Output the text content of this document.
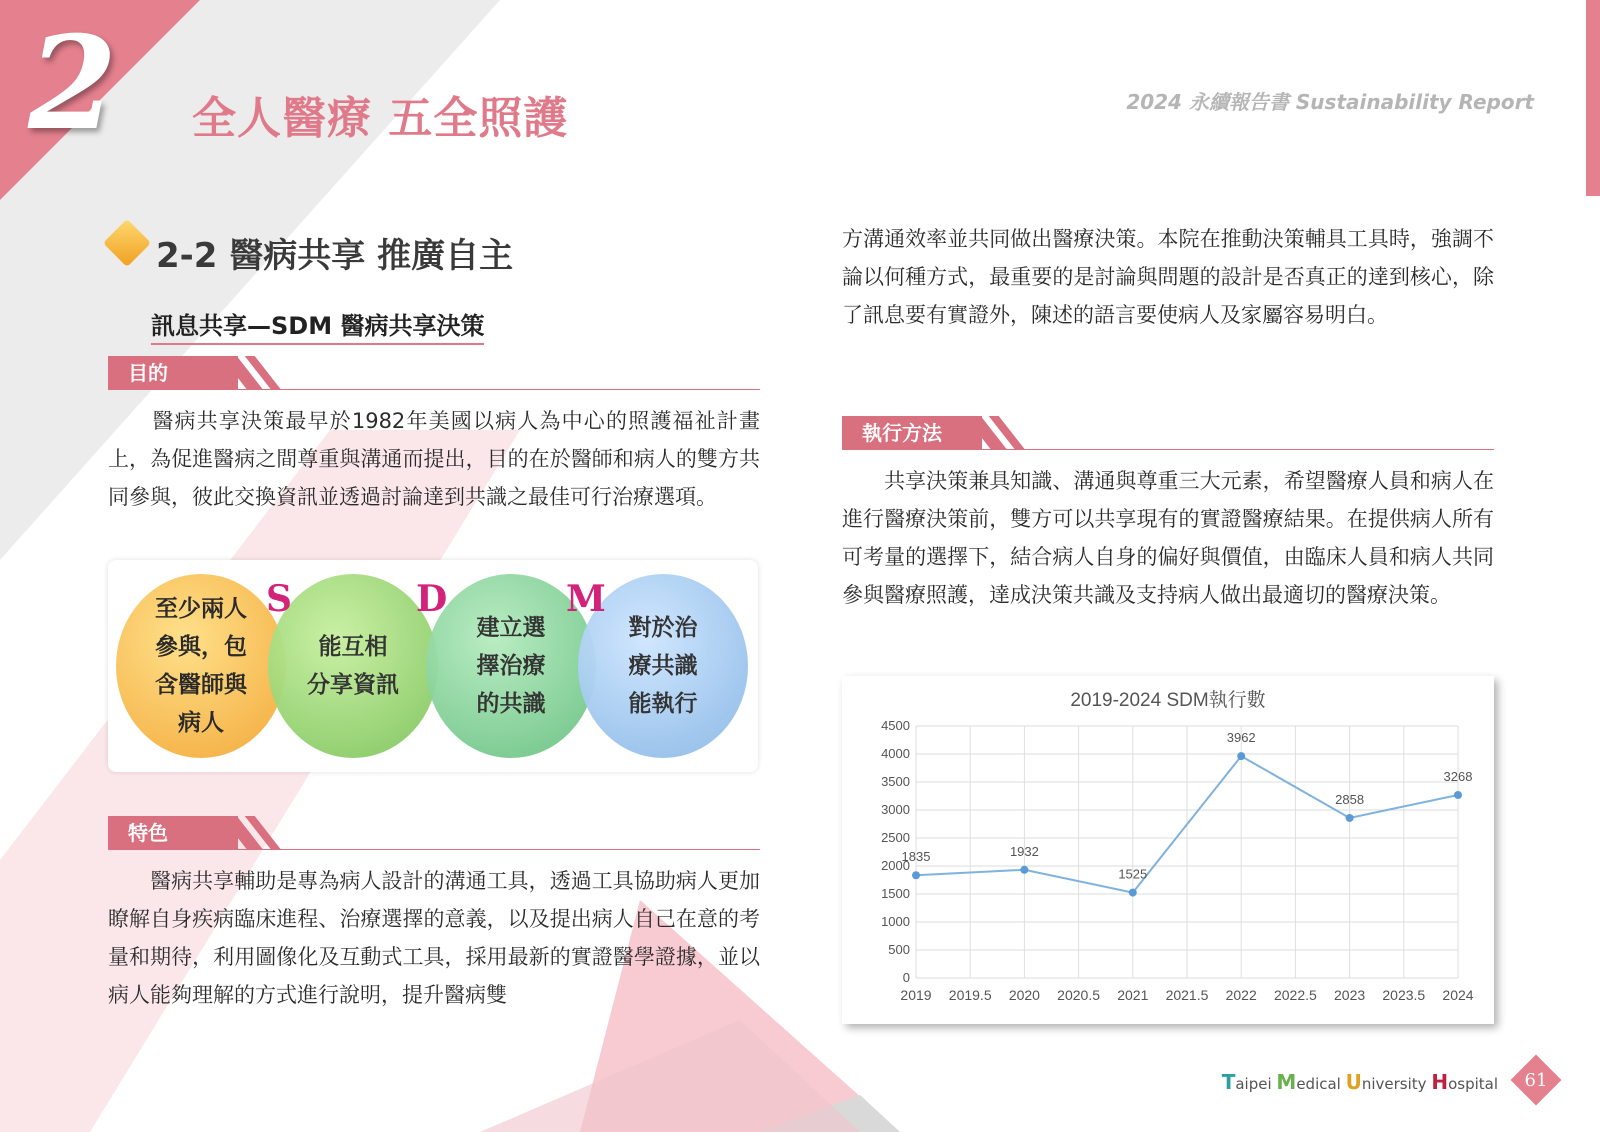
2 全人醫療 五全照護	2024 永續報告書 Sustainability Report
2-2 醫病共享 推廣自主
訊息共享—SDM 醫病共享決策
目的
　　醫病共享決策最早於1982年美國以病人為中心的照護福祉計畫上，為促進醫病之間尊重與溝通而提出，目的在於醫師和病人的雙方共同參與，彼此交換資訊並透過討論達到共識之最佳可行治療選項。
至少兩人
參與，包
含醫師與
病人
能互相
分享資訊
建立選
擇治療
的共識
對於治
療共識
能執行
S	D	M
特色
　　醫病共享輔助是專為病人設計的溝通工具，透過工具協助病人更加瞭解自身疾病臨床進程、治療選擇的意義，以及提出病人自己在意的考量和期待，利用圖像化及互動式工具，採用最新的實證醫學證據，並以病人能夠理解的方式進行說明，提升醫病雙
方溝通效率並共同做出醫療決策。本院在推動決策輔具工具時，強調不論以何種方式，最重要的是討論與問題的設計是否真正的達到核心，除了訊息要有實證外，陳述的語言要使病人及家屬容易明白。
執行方法
　　共享決策兼具知識、溝通與尊重三大元素，希望醫療人員和病人在進行醫療決策前，雙方可以共享現有的實證醫療結果。在提供病人所有可考量的選擇下，結合病人自身的偏好與價值，由臨床人員和病人共同參與醫療照護，達成決策共識及支持病人做出最適切的醫療決策。
2019-2024 SDM執行數
0
500
1000
1500
2000
2500
3000
3500
4000
4500
2019 2019.5 2020 2020.5 2021 2021.5 2022 2022.5 2023 2023.5 2024
1835	1932
1525
3962
2858
3268
Taipei Medical University Hospital 61
